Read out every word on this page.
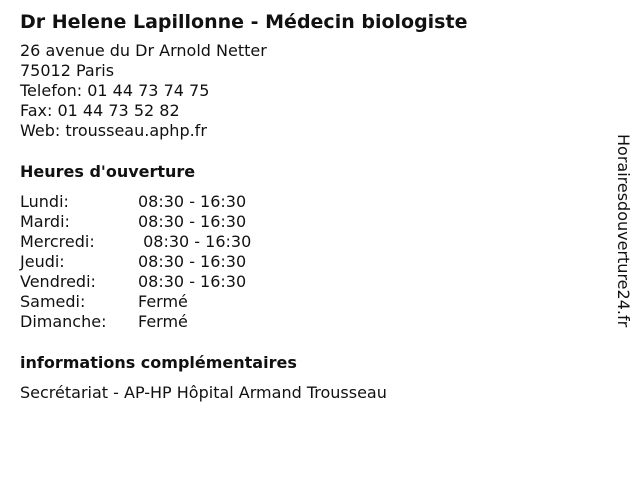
Dr Helene Lapillonne - Médecin biologiste
26 avenue du Dr Arnold Netter
75012 Paris
Telefon: 01 44 73 74 75
Fax: 01 44 73 52 82
Web: trousseau.aphp.fr
Heures d'ouverture
Lundi:	08:30 - 16:30
Mardi:	08:30 - 16:30
Mercredi:	08:30 - 16:30
Jeudi:	08:30 - 16:30
Vendredi:	08:30 - 16:30
Samedi:	Fermé
Dimanche:	Fermé
informations complémentaires
Secrétariat - AP-HP Hôpital Armand Trousseau
Horairesdouverture24.fr
